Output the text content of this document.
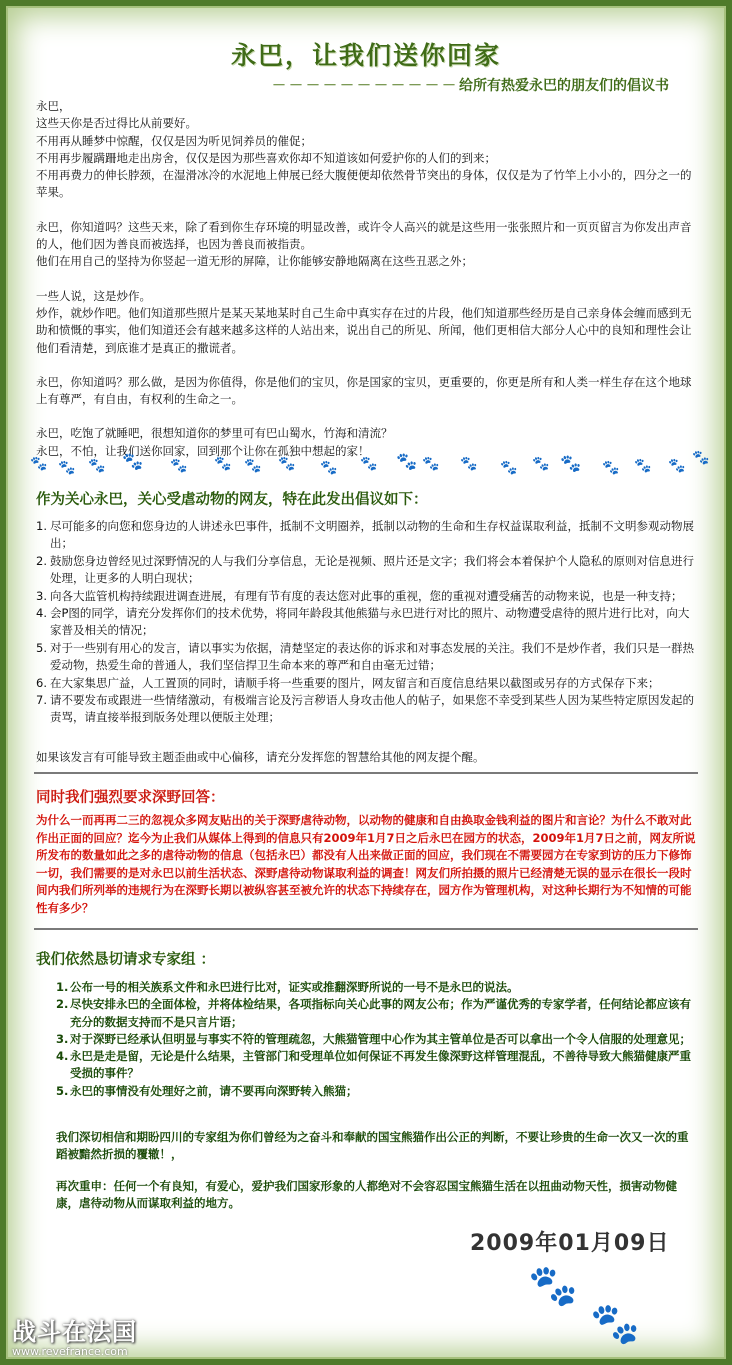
永巴，让我们送你回家
－－－－－－－－－－－给所有热爱永巴的朋友们的倡议书

永巴，
这些天你是否过得比从前要好。
不用再从睡梦中惊醒，仅仅是因为听见饲养员的催促；
不用再步履蹒跚地走出房舍，仅仅是因为那些喜欢你却不知道该如何爱护你的人们的到来；
不用再费力的伸长脖颈，在湿滑冰冷的水泥地上伸展已经大腹便便却依然骨节突出的身体，仅仅是为了竹竿上小小的，四分之一的苹果。

永巴，你知道吗？这些天来，除了看到你生存环境的明显改善，或许令人高兴的就是这些用一张张照片和一页页留言为你发出声音的人，他们因为善良而被选择，也因为善良而被指责。
他们在用自己的坚持为你竖起一道无形的屏障，让你能够安静地隔离在这些丑恶之外；

一些人说，这是炒作。
炒作，就炒作吧。他们知道那些照片是某天某地某时自己生命中真实存在过的片段，他们知道那些经历是自己亲身体会缠而感到无助和愤慨的事实，他们知道还会有越来越多这样的人站出来，说出自己的所见、所闻，他们更相信大部分人心中的良知和理性会让他们看清楚，到底谁才是真正的撒谎者。

永巴，你知道吗？那么做，是因为你值得，你是他们的宝贝，你是国家的宝贝，更重要的，你更是所有和人类一样生存在这个地球上有尊严，有自由，有权利的生命之一。

永巴，吃饱了就睡吧，很想知道你的梦里可有巴山蜀水，竹海和清流？
永巴，不怕，让我们送你回家，回到那个让你在孤独中想起的家！

🐾 🐾 🐾 🐾 🐾 🐾 🐾 🐾 🐾 🐾 🐾 🐾 🐾 🐾 🐾 🐾 🐾 🐾 🐾 🐾
作为关心永巴，关心受虐动物的网友，特在此发出倡议如下：
1. 尽可能多的向您和您身边的人讲述永巴事件，抵制不文明圈养，抵制以动物的生命和生存权益谋取利益，抵制不文明参观动物展出；
2. 鼓励您身边曾经见过深野情况的人与我们分享信息，无论是视频、照片还是文字；我们将会本着保护个人隐私的原则对信息进行处理，让更多的人明白现状；
3. 向各大监管机构持续跟进调查进展，有理有节有度的表达您对此事的重视，您的重视对遭受痛苦的动物来说，也是一种支持；
4. 会P图的同学，请充分发挥你们的技术优势，将同年龄段其他熊猫与永巴进行对比的照片、动物遭受虐待的照片进行比对，向大家普及相关的情况；
5. 对于一些别有用心的发言，请以事实为依据，清楚坚定的表达你的诉求和对事态发展的关注。我们不是炒作者，我们只是一群热爱动物，热爱生命的普通人，我们坚信捍卫生命本来的尊严和自由毫无过错；
6. 在大家集思广益，人工置顶的同时，请顺手将一些重要的图片，网友留言和百度信息结果以截图或另存的方式保存下来；
7. 请不要发布或跟进一些情绪激动，有极端言论及污言秽语人身攻击他人的帖子，如果您不幸受到某些人因为某些特定原因发起的责骂，请直接举报到版务处理以便版主处理；
如果该发言有可能导致主题歪曲或中心偏移，请充分发挥您的智慧给其他的网友提个醒。
同时我们强烈要求深野回答：
为什么一而再再二三的忽视众多网友贴出的关于深野虐待动物，以动物的健康和自由换取金钱利益的图片和言论？为什么不敢对此作出正面的回应？迄今为止我们从媒体上得到的信息只有2009年1月7日之后永巴在园方的状态，2009年1月7日之前，网友所说所发布的数量如此之多的虐待动物的信息（包括永巴）都没有人出来做正面的回应，我们现在不需要园方在专家到访的压力下修饰一切，我们需要的是对永巴以前生活状态、深野虐待动物谋取利益的调查！网友们所拍摄的照片已经清楚无误的显示在很长一段时间内我们所列举的违规行为在深野长期以被纵容甚至被允许的状态下持续存在，园方作为管理机构，对这种长期行为不知情的可能性有多少？
我们依然恳切请求专家组 ：
1. 公布一号的相关族系文件和永巴进行比对，证实或推翻深野所说的一号不是永巴的说法。
2. 尽快安排永巴的全面体检，并将体检结果，各项指标向关心此事的网友公布；作为严谨优秀的专家学者，任何结论都应该有充分的数据支持而不是只言片语；
3. 对于深野已经承认但明显与事实不符的管理疏忽，大熊猫管理中心作为其主管单位是否可以拿出一个令人信服的处理意见；
4. 永巴是走是留，无论是什么结果，主管部门和受理单位如何保证不再发生像深野这样管理混乱，不善待导致大熊猫健康严重受损的事件？
5. 永巴的事情没有处理好之前，请不要再向深野转入熊猫；
我们深切相信和期盼四川的专家组为你们曾经为之奋斗和奉献的国宝熊猫作出公正的判断，不要让珍贵的生命一次又一次的重蹈被黯然折损的覆辙！，
再次重申：任何一个有良知，有爱心，爱护我们国家形象的人都绝对不会容忍国宝熊猫生活在以扭曲动物天性，损害动物健康，虐待动物从而谋取利益的地方。
2009年01月09日
🐾
🐾
战斗在法国
www.revefrance.com
